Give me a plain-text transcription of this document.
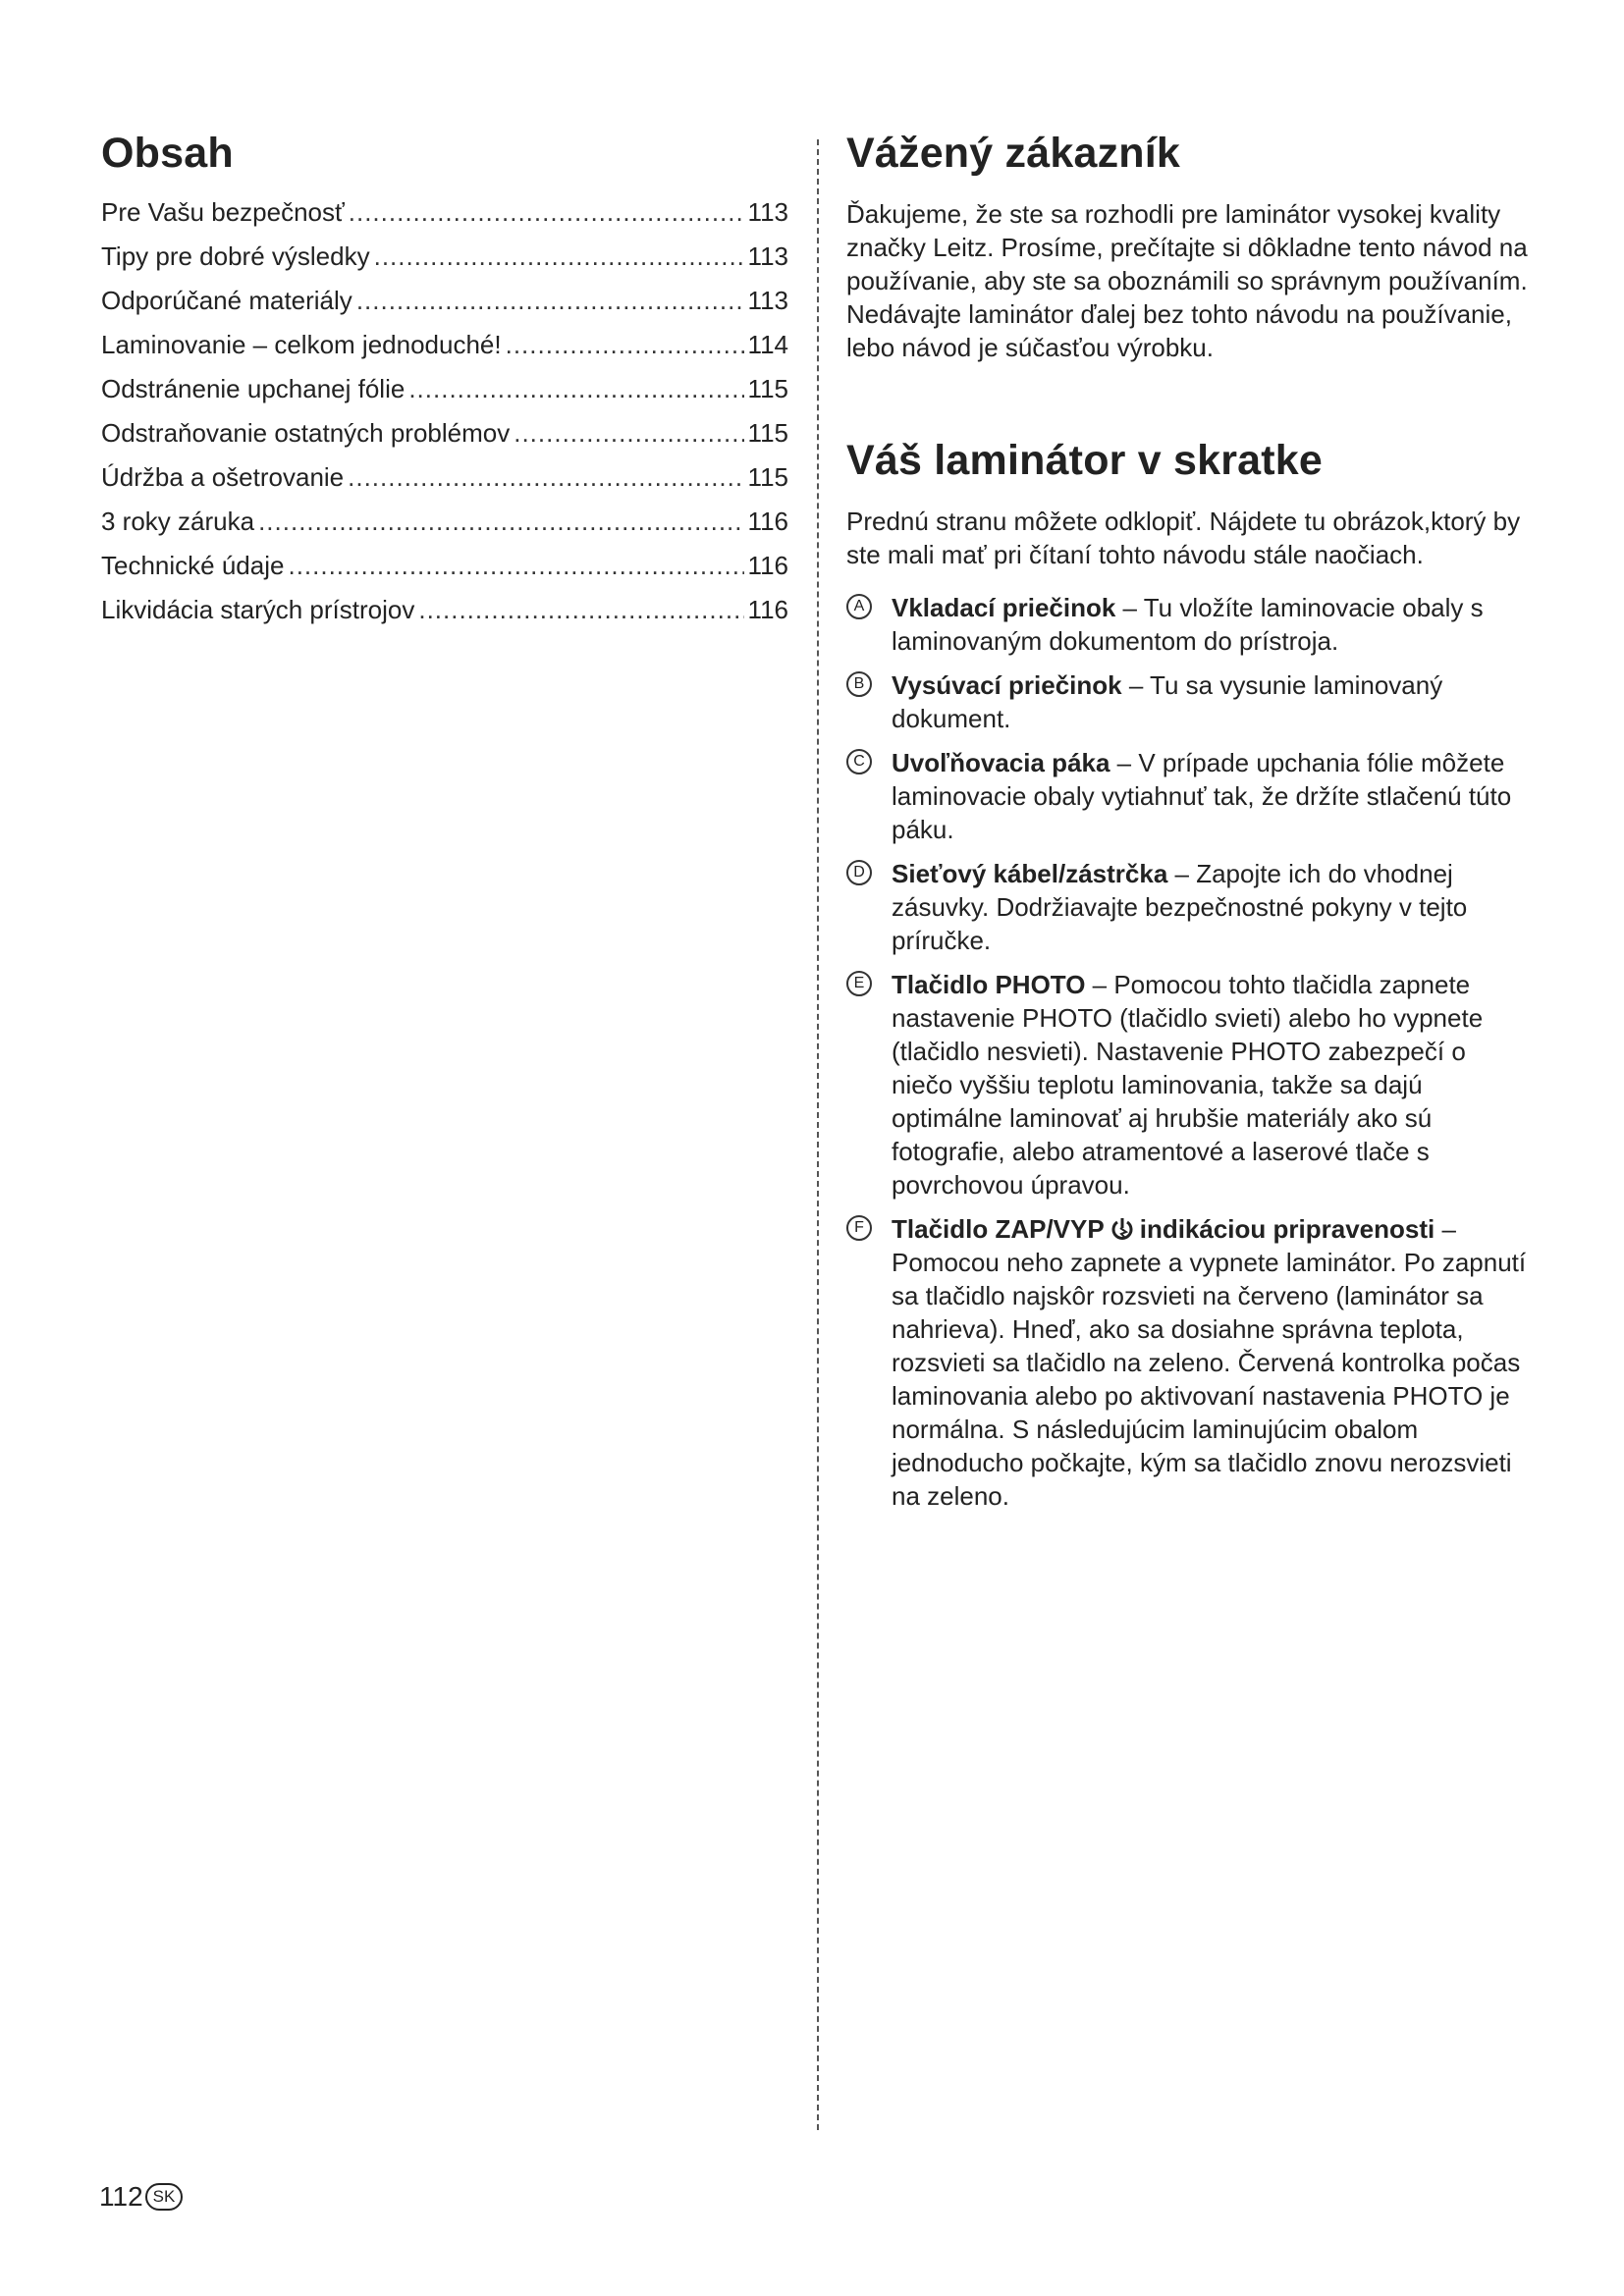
Obsah
Pre Vašu bezpečnosť .....	113
Tipy pre dobré výsledky .....	113
Odporúčané materiály .....	113
Laminovanie – celkom jednoduché! .....	114
Odstránenie upchanej fólie .....	115
Odstraňovanie ostatných problémov .....	115
Údržba a ošetrovanie .....	115
3 roky záruka .....	116
Technické údaje .....	116
Likvidácia starých prístrojov .....	116
Vážený zákazník

Ďakujeme, že ste sa rozhodli pre laminátor vysokej kvality značky Leitz. Prosíme, prečítajte si dôkladne tento návod na používanie, aby ste sa oboznámili so správnym používaním. Nedávajte laminátor ďalej bez tohto návodu na používanie, lebo návod je súčasťou výrobku.

Váš laminátor v skratke

Prednú stranu môžete odklopiť. Nájdete tu obrázok,ktorý by ste mali mať pri čítaní tohto návodu stále naočiach.

A Vkladací priečinok – Tu vložíte laminovacie obaly s laminovaným dokumentom do prístroja.
B Vysúvací priečinok – Tu sa vysunie laminovaný dokument.
C Uvoľňovacia páka – V prípade upchania fólie môžete laminovacie obaly vytiahnuť tak, že držíte stlačenú túto páku.
D Sieťový kábel/zástrčka – Zapojte ich do vhodnej zásuvky. Dodržiavajte bezpečnostné pokyny v tejto príručke.
E Tlačidlo PHOTO – Pomocou tohto tlačidla zapnete nastavenie PHOTO (tlačidlo svieti) alebo ho vypnete (tlačidlo nesvieti). Nastavenie PHOTO zabezpečí o niečo vyššiu teplotu laminovania, takže sa dajú optimálne laminovať aj hrubšie materiály ako sú fotografie, alebo atramentové a laserové tlače s povrchovou úpravou.
F	Tlačidlo ZAP/VYP indikáciou pripravenosti – Pomocou neho zapnete a vypnete laminátor. Po zapnutí sa tlačidlo najskôr rozsvieti na červeno (laminátor sa nahrieva). Hneď, ako sa dosiahne správna teplota, rozsvieti sa tlačidlo na zeleno. Červená kontrolka počas laminovania alebo po aktivovaní nastavenia PHOTO je normálna. S následujúcim laminujúcim obalom jednoducho počkajte, kým sa tlačidlo znovu nerozsvieti na zeleno.
112 SK
